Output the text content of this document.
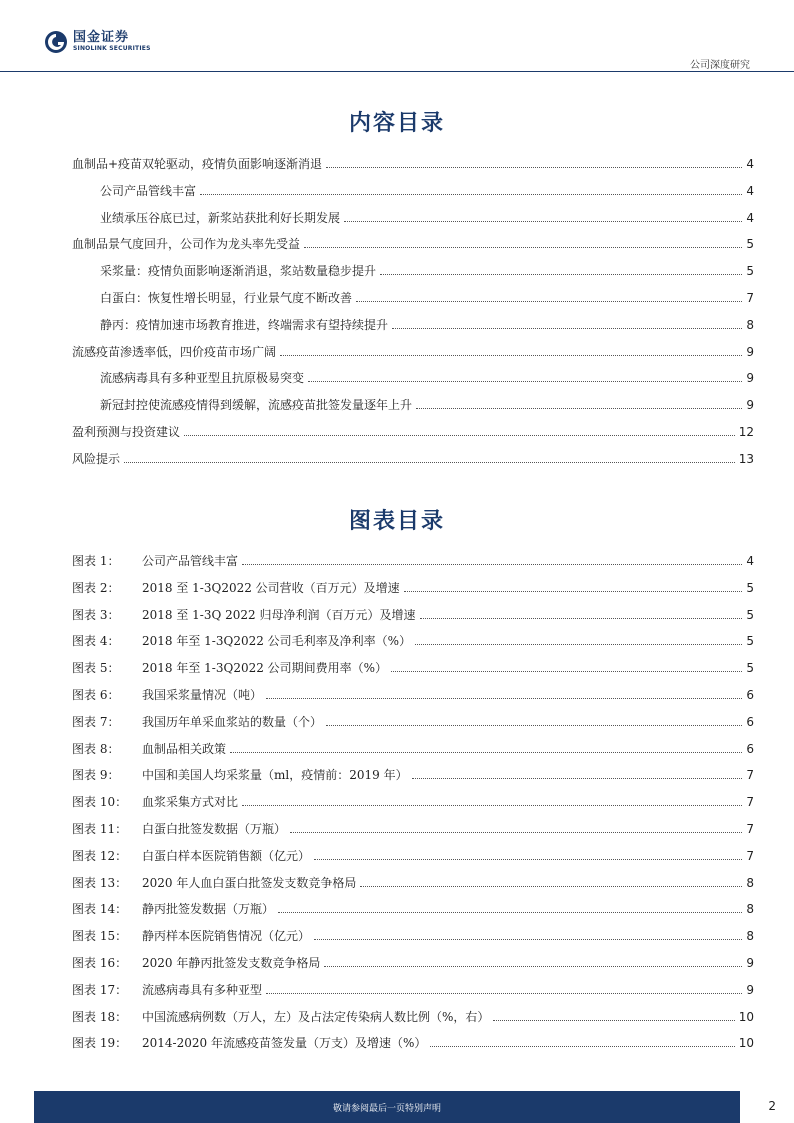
国金证券
SINOLINK SECURITIES
公司深度研究
内容目录
血制品+疫苗双轮驱动，疫情负面影响逐渐消退	4
公司产品管线丰富	4
业绩承压谷底已过，新浆站获批利好长期发展	4
血制品景气度回升，公司作为龙头率先受益	5
采浆量：疫情负面影响逐渐消退，浆站数量稳步提升	5
白蛋白：恢复性增长明显，行业景气度不断改善	7
静丙：疫情加速市场教育推进，终端需求有望持续提升	8
流感疫苗渗透率低，四价疫苗市场广阔	9
流感病毒具有多种亚型且抗原极易突变	9
新冠封控使流感疫情得到缓解，流感疫苗批签发量逐年上升	9
盈利预测与投资建议	12
风险提示	13
图表目录
图表 1：	公司产品管线丰富	4
图表 2：	2018 至 1-3Q2022 公司营收（百万元）及增速	5
图表 3：	2018 至 1-3Q 2022 归母净利润（百万元）及增速	5
图表 4：	2018 年至 1-3Q2022 公司毛利率及净利率（%）	5
图表 5：	2018 年至 1-3Q2022 公司期间费用率（%）	5
图表 6：	我国采浆量情况（吨）	6
图表 7：	我国历年单采血浆站的数量（个）	6
图表 8：	血制品相关政策	6
图表 9：	中国和美国人均采浆量（ml，疫情前：2019 年）	7
图表 10：	血浆采集方式对比	7
图表 11：	白蛋白批签发数据（万瓶）	7
图表 12：	白蛋白样本医院销售额（亿元）	7
图表 13：	2020 年人血白蛋白批签发支数竞争格局	8
图表 14：	静丙批签发数据（万瓶）	8
图表 15：	静丙样本医院销售情况（亿元）	8
图表 16：	2020 年静丙批签发支数竞争格局	9
图表 17：	流感病毒具有多种亚型	9
图表 18：	中国流感病例数（万人，左）及占法定传染病人数比例（%，右）	10
图表 19：	2014-2020 年流感疫苗签发量（万支）及增速（%）	10
敬请参阅最后一页特别声明	2
